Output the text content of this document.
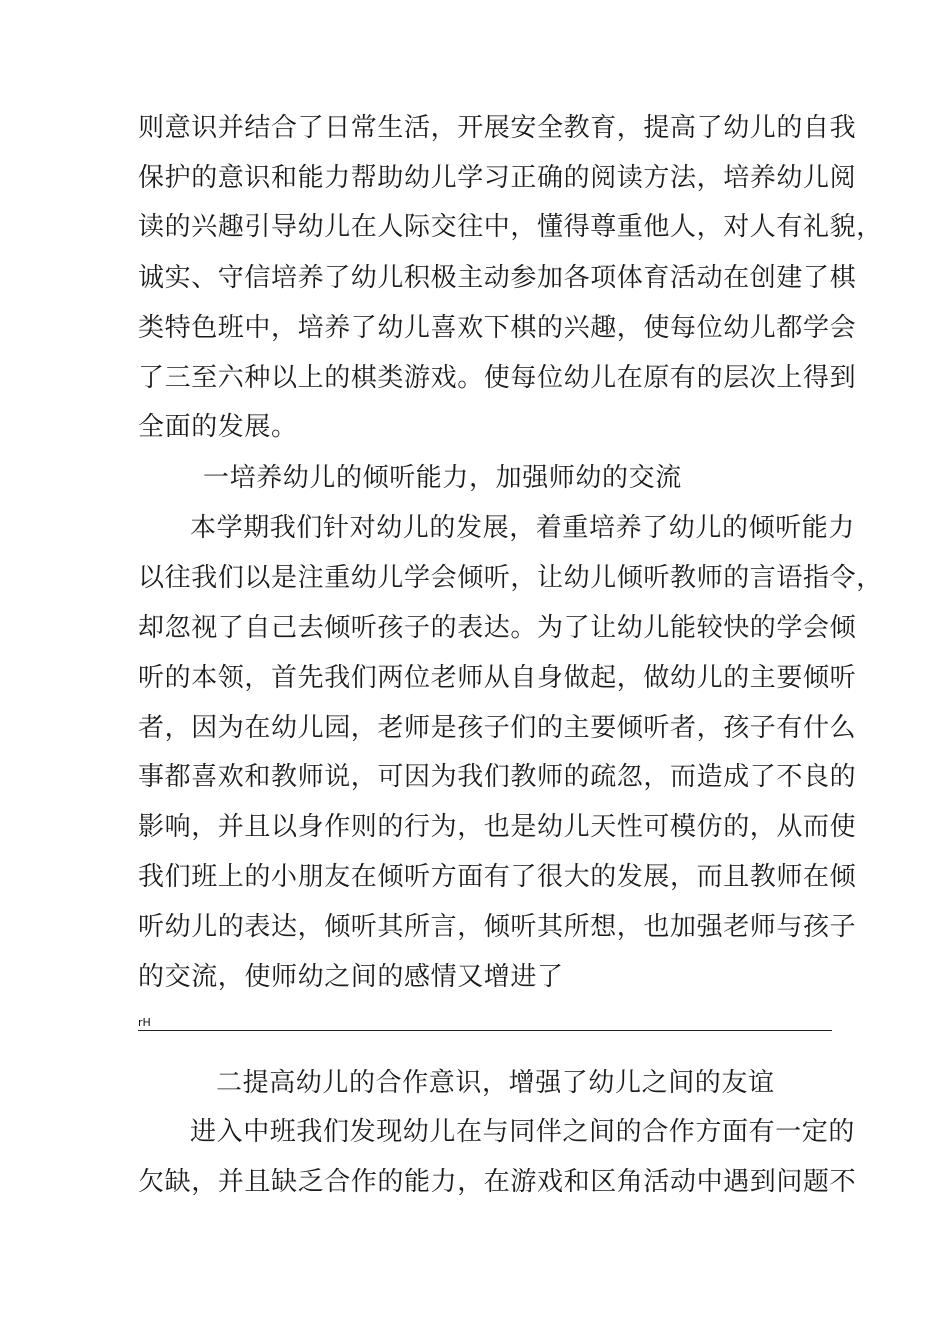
则意识并结合了日常生活，开展安全教育，提高了幼儿的自我
保护的意识和能力帮助幼儿学习正确的阅读方法，培养幼儿阅
读的兴趣引导幼儿在人际交往中，懂得尊重他人，对人有礼貌，
诚实、守信培养了幼儿积极主动参加各项体育活动在创建了棋
类特色班中，培养了幼儿喜欢下棋的兴趣，使每位幼儿都学会
了三至六种以上的棋类游戏。使每位幼儿在原有的层次上得到
全面的发展。
一培养幼儿的倾听能力，加强师幼的交流
本学期我们针对幼儿的发展，着重培养了幼儿的倾听能力
以往我们以是注重幼儿学会倾听，让幼儿倾听教师的言语指令，
却忽视了自己去倾听孩子的表达。为了让幼儿能较快的学会倾
听的本领，首先我们两位老师从自身做起，做幼儿的主要倾听
者，因为在幼儿园，老师是孩子们的主要倾听者，孩子有什么
事都喜欢和教师说，可因为我们教师的疏忽，而造成了不良的
影响，并且以身作则的行为，也是幼儿天性可模仿的，从而使
我们班上的小朋友在倾听方面有了很大的发展，而且教师在倾
听幼儿的表达，倾听其所言，倾听其所想，也加强老师与孩子
的交流，使师幼之间的感情又增进了
rH
二提高幼儿的合作意识，增强了幼儿之间的友谊
进入中班我们发现幼儿在与同伴之间的合作方面有一定的
欠缺，并且缺乏合作的能力，在游戏和区角活动中遇到问题不
